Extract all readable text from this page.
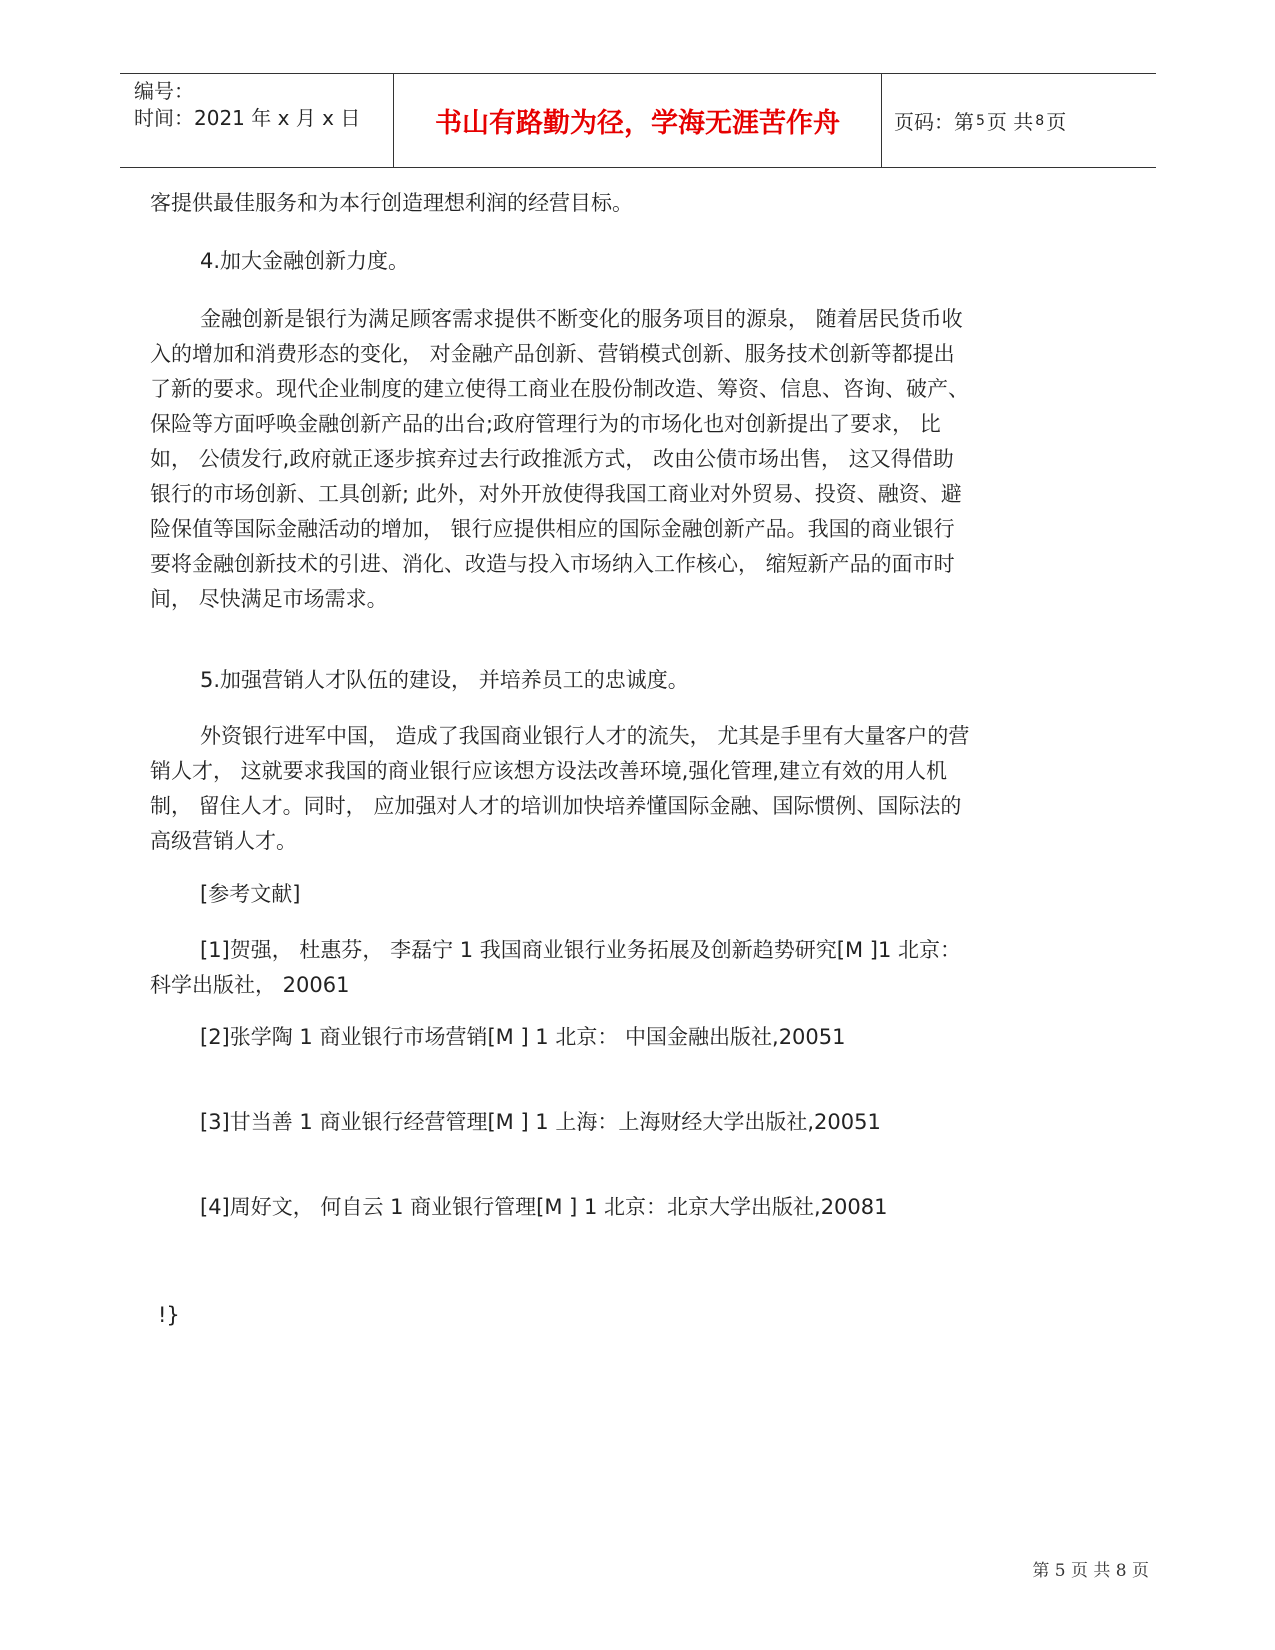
编号：
时间：2021 年 x 月 x 日	书山有路勤为径，学海无涯苦作舟	页码：第 5 页 共 8 页

客提供最佳服务和为本行创造理想利润的经营目标。

4.加大金融创新力度。

金融创新是银行为满足顾客需求提供不断变化的服务项目的源泉， 随着居民货币收入的增加和消费形态的变化， 对金融产品创新、营销模式创新、服务技术创新等都提出了新的要求。现代企业制度的建立使得工商业在股份制改造、筹资、信息、咨询、破产、保险等方面呼唤金融创新产品的出台;政府管理行为的市场化也对创新提出了要求， 比如， 公债发行,政府就正逐步摈弃过去行政推派方式， 改由公债市场出售， 这又得借助银行的市场创新、工具创新; 此外，对外开放使得我国工商业对外贸易、投资、融资、避险保值等国际金融活动的增加， 银行应提供相应的国际金融创新产品。我国的商业银行要将金融创新技术的引进、消化、改造与投入市场纳入工作核心， 缩短新产品的面市时间， 尽快满足市场需求。

5.加强营销人才队伍的建设， 并培养员工的忠诚度。

外资银行进军中国， 造成了我国商业银行人才的流失， 尤其是手里有大量客户的营销人才， 这就要求我国的商业银行应该想方设法改善环境,强化管理,建立有效的用人机制， 留住人才。同时， 应加强对人才的培训加快培养懂国际金融、国际惯例、国际法的高级营销人才。

[参考文献]

[1]贺强， 杜惠芬， 李磊宁 1 我国商业银行业务拓展及创新趋势研究[M ]1 北京：科学出版社， 20061

[2]张学陶 1 商业银行市场营销[M ] 1 北京： 中国金融出版社,20051

[3]甘当善 1 商业银行经营管理[M ] 1 上海：上海财经大学出版社,20051

[4]周好文， 何自云 1 商业银行管理[M ] 1 北京：北京大学出版社,20081

!}

第 5 页 共 8 页
